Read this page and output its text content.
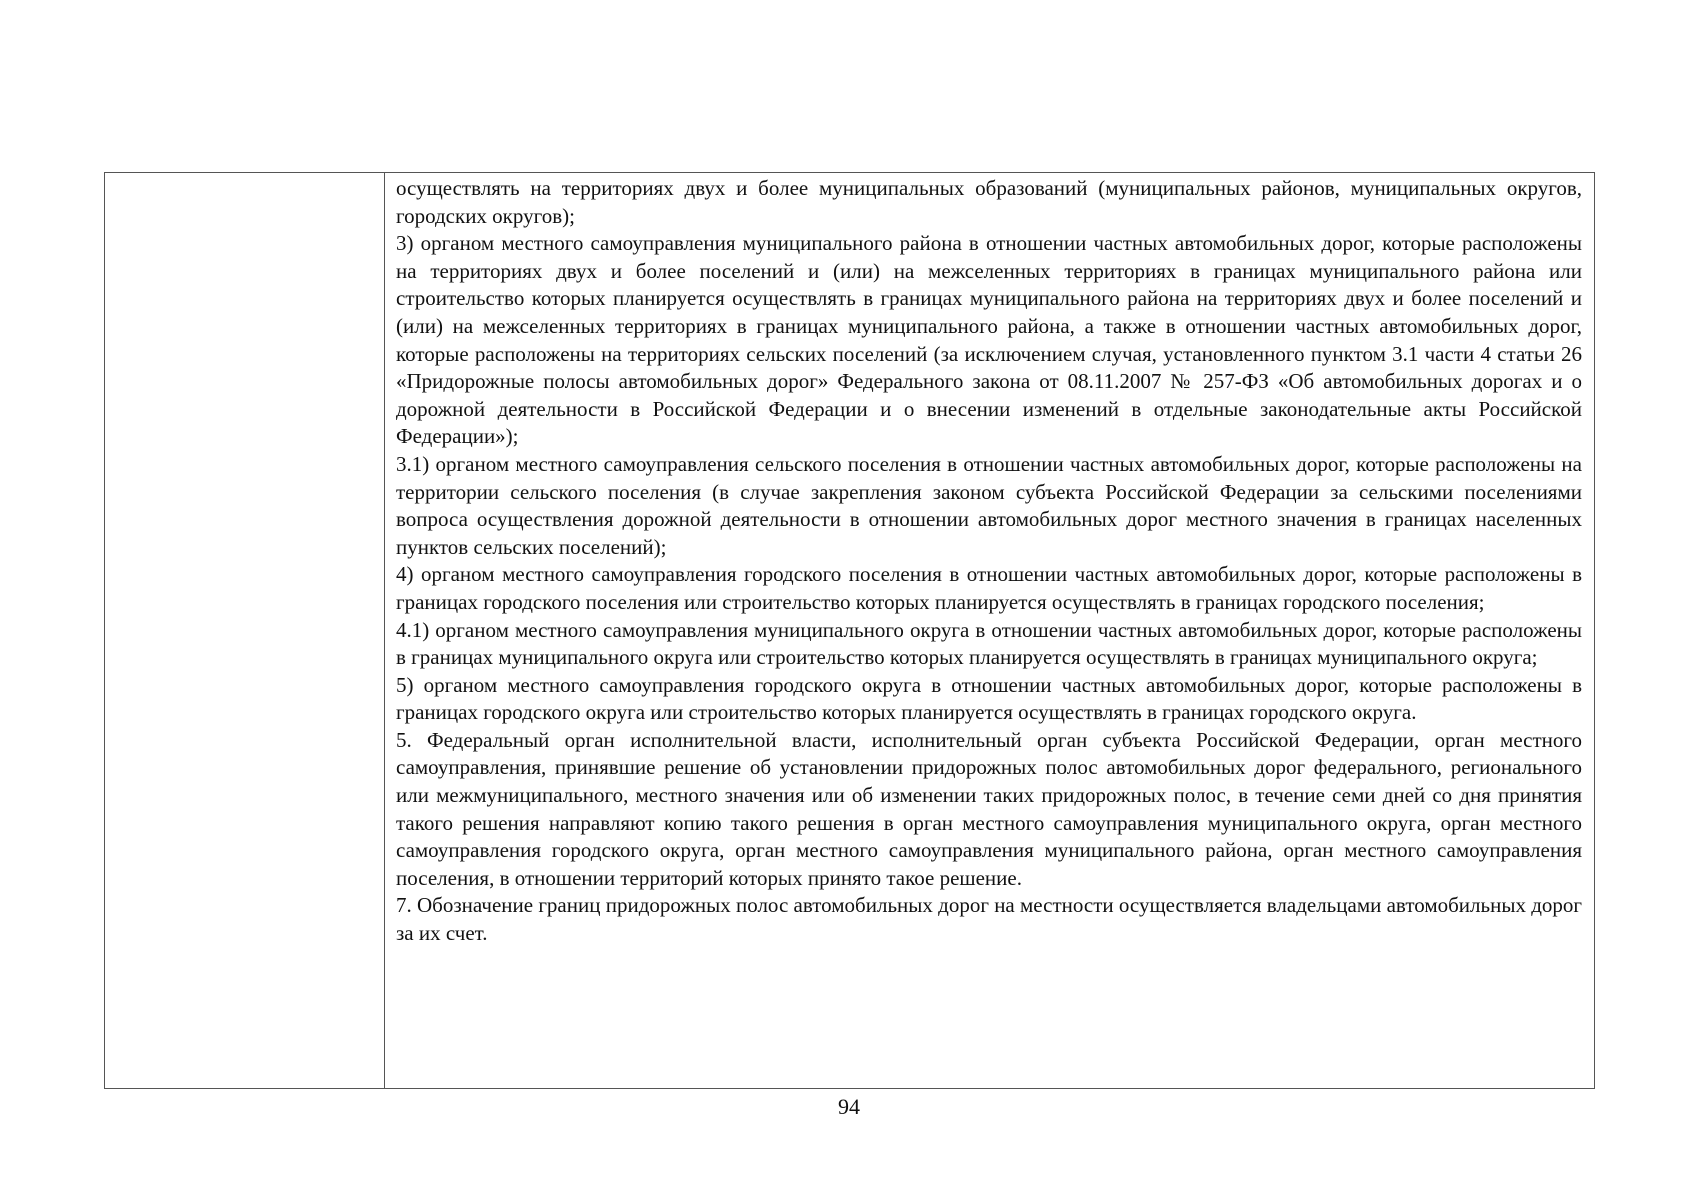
осуществлять на территориях двух и более муниципальных образований (муниципальных районов, муниципальных округов, городских округов);

3) органом местного самоуправления муниципального района в отношении частных автомобильных дорог, которые расположены на территориях двух и более поселений и (или) на межселенных территориях в границах муниципального района или строительство которых планируется осуществлять в границах муниципального района на территориях двух и более поселений и (или) на межселенных территориях в границах муниципального района, а также в отношении частных автомобильных дорог, которые расположены на территориях сельских поселений (за исключением случая, установленного пунктом 3.1 части 4 статьи 26 «Придорожные полосы автомобильных дорог» Федерального закона от 08.11.2007 № 257-ФЗ «Об автомобильных дорогах и о дорожной деятельности в Российской Федерации и о внесении изменений в отдельные законодательные акты Российской Федерации»);

3.1) органом местного самоуправления сельского поселения в отношении частных автомобильных дорог, которые расположены на территории сельского поселения (в случае закрепления законом субъекта Российской Федерации за сельскими поселениями вопроса осуществления дорожной деятельности в отношении автомобильных дорог местного значения в границах населенных пунктов сельских поселений);

4) органом местного самоуправления городского поселения в отношении частных автомобильных дорог, которые расположены в границах городского поселения или строительство которых планируется осуществлять в границах городского поселения;

4.1) органом местного самоуправления муниципального округа в отношении частных автомобильных дорог, которые расположены в границах муниципального округа или строительство которых планируется осуществлять в границах муниципального округа;

5) органом местного самоуправления городского округа в отношении частных автомобильных дорог, которые расположены в границах городского округа или строительство которых планируется осуществлять в границах городского округа.

5. Федеральный орган исполнительной власти, исполнительный орган субъекта Российской Федерации, орган местного самоуправления, принявшие решение об установлении придорожных полос автомобильных дорог федерального, регионального или межмуниципального, местного значения или об изменении таких придорожных полос, в течение семи дней со дня принятия такого решения направляют копию такого решения в орган местного самоуправления муниципального округа, орган местного самоуправления городского округа, орган местного самоуправления муниципального района, орган местного самоуправления поселения, в отношении территорий которых принято такое решение.

7. Обозначение границ придорожных полос автомобильных дорог на местности осуществляется владельцами автомобильных дорог за их счет.

94
